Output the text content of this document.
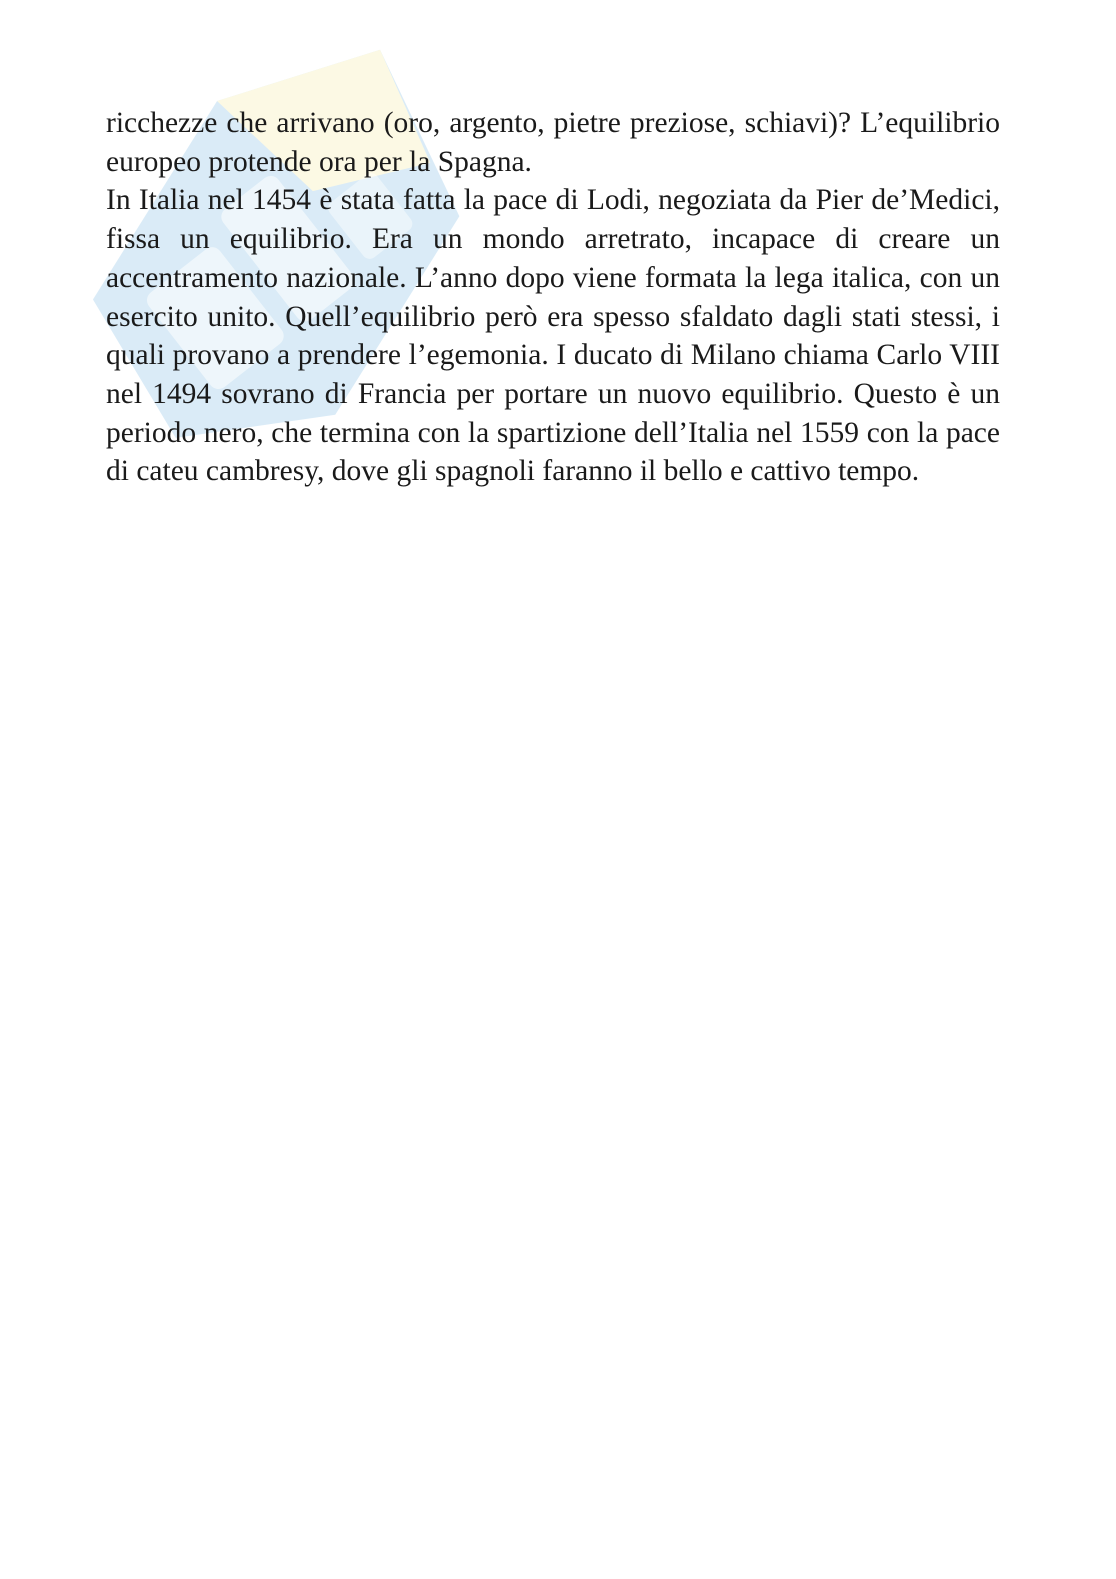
ricchezze che arrivano (oro, argento, pietre preziose, schiavi)? L’equilibrio europeo protende ora per la Spagna.

In Italia nel 1454 è stata fatta la pace di Lodi, negoziata da Pier de’Medici, fissa un equilibrio. Era un mondo arretrato, incapace di creare un accentramento nazionale. L’anno dopo viene formata la lega italica, con un esercito unito. Quell’equilibrio però era spesso sfaldato dagli stati stessi, i quali provano a prendere l’egemonia. I ducato di Milano chiama Carlo VIII nel 1494 sovrano di Francia per portare un nuovo equilibrio. Questo è un periodo nero, che termina con la spartizione dell’Italia nel 1559 con la pace di cateu cambresy, dove gli spagnoli faranno il bello e cattivo tempo.
